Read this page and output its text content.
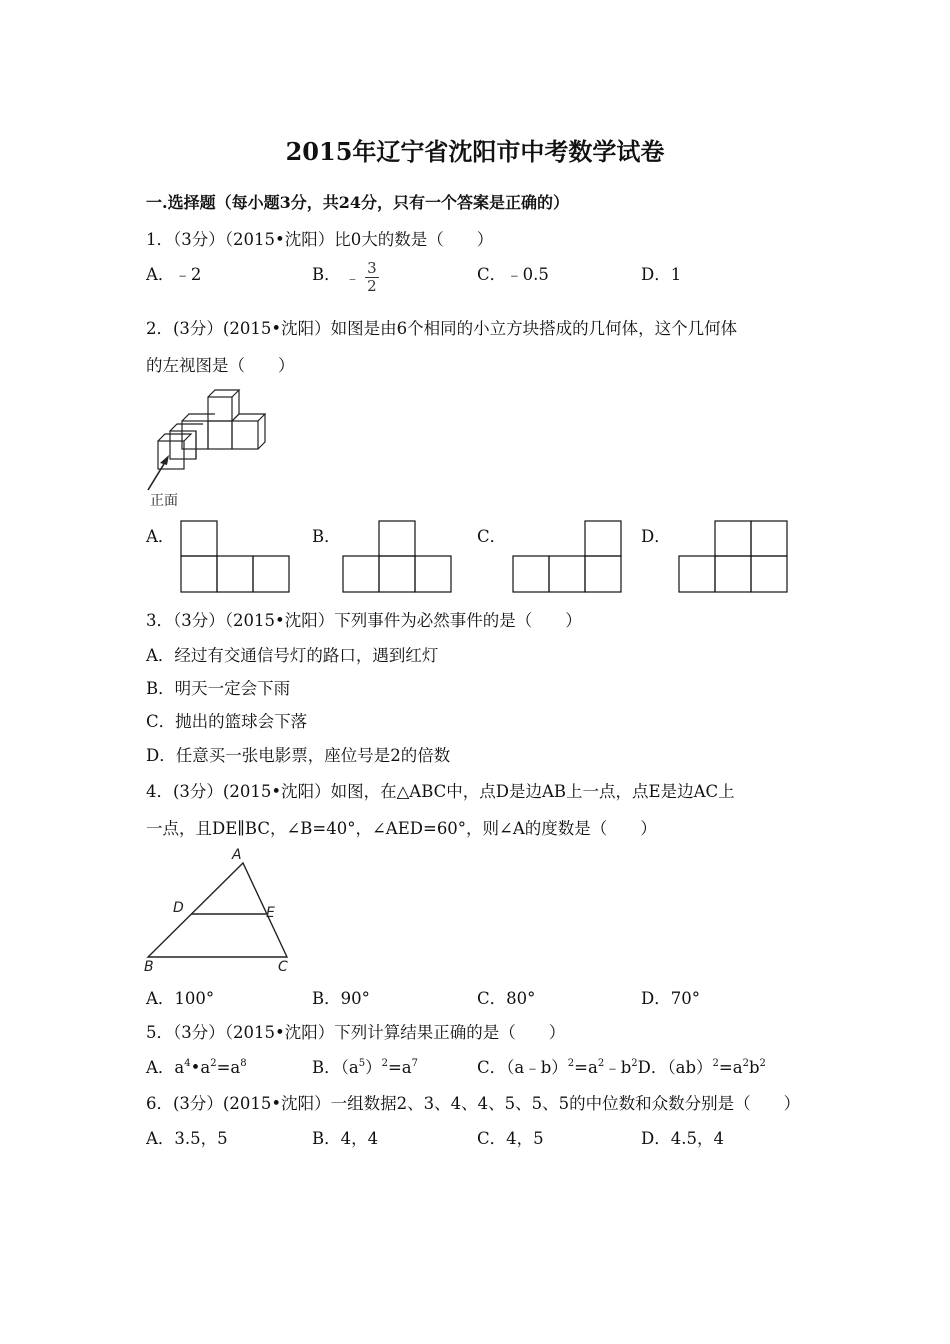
2015年辽宁省沈阳市中考数学试卷
一.选择题（每小题3分，共24分，只有一个答案是正确的）
1．（3分）（2015•沈阳）比0大的数是（　　）
A．﹣2	B． ﹣ $\frac{3}{2}$	C．﹣0.5	D．1
2．(3分）(2015•沈阳）如图是由6个相同的小立方块搭成的几何体，这个几何体
的左视图是（　　）
正面
A．	B．	C．	D．
3．（3分）（2015•沈阳）下列事件为必然事件的是（　　）
A．经过有交通信号灯的路口，遇到红灯
B．明天一定会下雨
C．抛出的篮球会下落
D．任意买一张电影票，座位号是2的倍数
4．(3分）(2015•沈阳）如图，在△ABC中，点D是边AB上一点，点E是边AC上
一点，且DE∥BC，∠B=40°，∠AED=60°，则∠A的度数是（　　）
A
B	C
D	E
A．100°	B．90°	C．80°	D．70°
5．（3分）（2015•沈阳）下列计算结果正确的是（　　）
A．$a^4•a^2=a^8$	B．$(a^5)^2=a^7$	C．$(a﹣b)^2=a^2﹣b^2D$．$(ab)^2=a^2b^2$
6．(3分）(2015•沈阳）一组数据2、3、4、4、5、5、5的中位数和众数分别是（　　）
A．3.5，5	B．4，4	C．4，5	D．4.5，4
